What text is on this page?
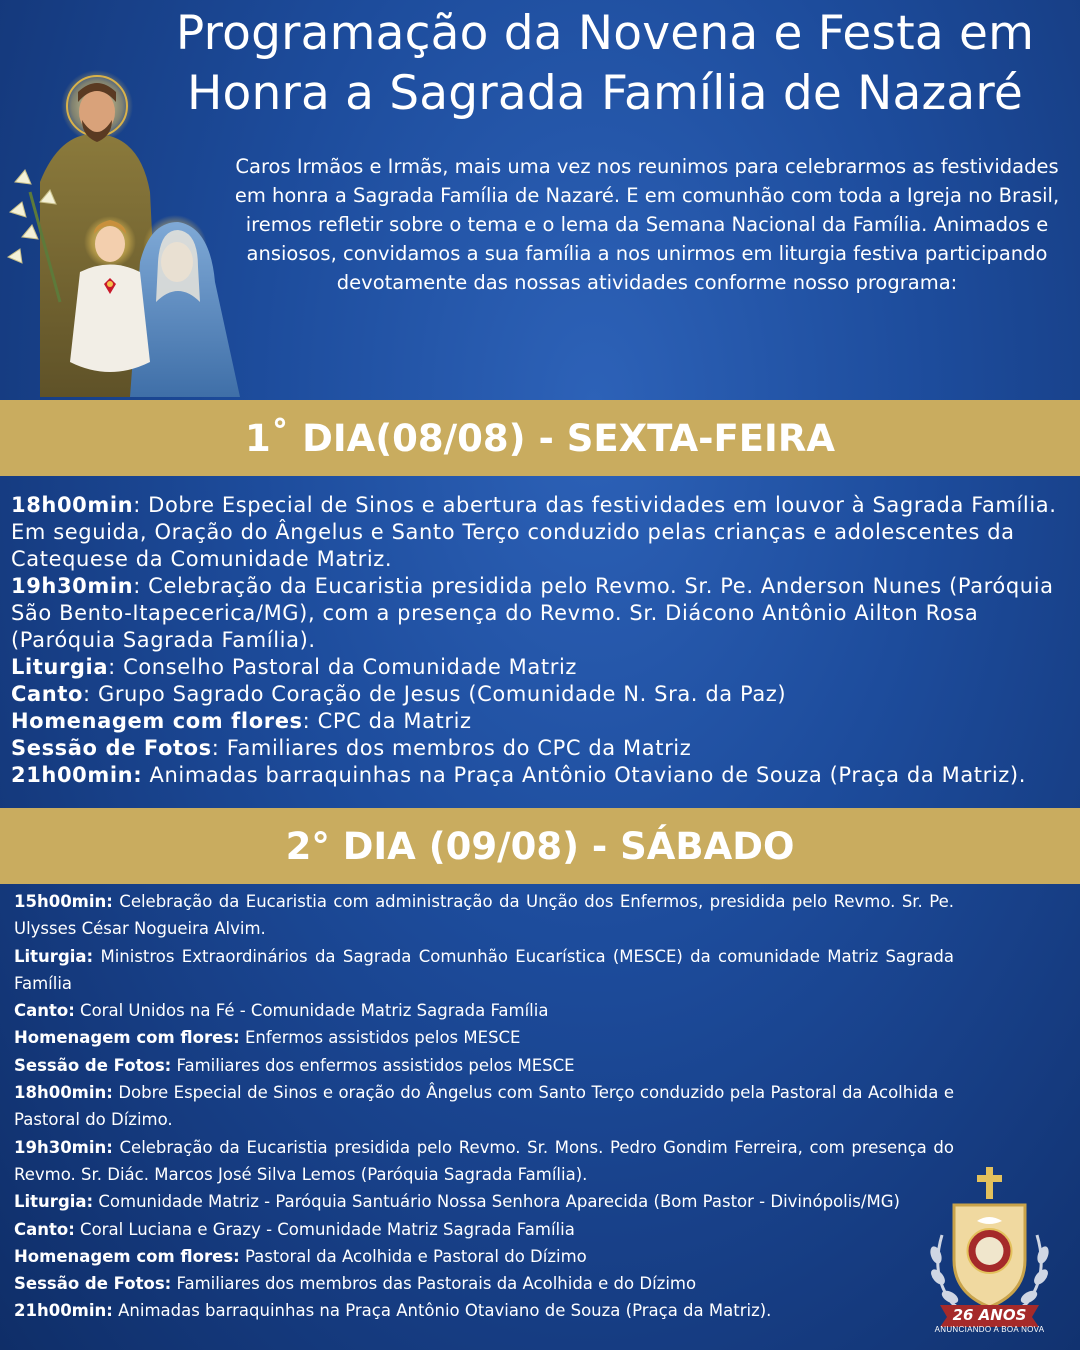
Programação da Novena e Festa em
Honra a Sagrada Família de Nazaré

Caros Irmãos e Irmãs, mais uma vez nos reunimos para celebrarmos as festividades em honra a Sagrada Família de Nazaré. E em comunhão com toda a Igreja no Brasil, iremos refletir sobre o tema e o lema da Semana Nacional da Família. Animados e ansiosos, convidamos a sua família a nos unirmos em liturgia festiva participando devotamente das nossas atividades conforme nosso programa:

1˚ DIA(08/08) - SEXTA-FEIRA

18h00min: Dobre Especial de Sinos e abertura das festividades em louvor à Sagrada Família. Em seguida, Oração do Ângelus e Santo Terço conduzido pelas crianças e adolescentes da Catequese da Comunidade Matriz.

19h30min: Celebração da Eucaristia presidida pelo Revmo. Sr. Pe. Anderson Nunes (Paróquia São Bento-Itapecerica/MG), com a presença do Revmo. Sr. Diácono Antônio Ailton Rosa (Paróquia Sagrada Família).

Liturgia: Conselho Pastoral da Comunidade Matriz

Canto: Grupo Sagrado Coração de Jesus (Comunidade N. Sra. da Paz)

Homenagem com flores: CPC da Matriz

Sessão de Fotos: Familiares dos membros do CPC da Matriz

21h00min: Animadas barraquinhas na Praça Antônio Otaviano de Souza (Praça da Matriz).

2° DIA (09/08) - SÁBADO

15h00min: Celebração da Eucaristia com administração da Unção dos Enfermos, presidida pelo Revmo. Sr. Pe. Ulysses César Nogueira Alvim.

Liturgia: Ministros Extraordinários da Sagrada Comunhão Eucarística (MESCE) da comunidade Matriz Sagrada Família

Canto: Coral Unidos na Fé - Comunidade Matriz Sagrada Família

Homenagem com flores: Enfermos assistidos pelos MESCE

Sessão de Fotos: Familiares dos enfermos assistidos pelos MESCE

18h00min: Dobre Especial de Sinos e oração do Ângelus com Santo Terço conduzido pela Pastoral da Acolhida e Pastoral do Dízimo.

19h30min: Celebração da Eucaristia presidida pelo Revmo. Sr. Mons. Pedro Gondim Ferreira, com presença do Revmo. Sr. Diác. Marcos José Silva Lemos (Paróquia Sagrada Família).

Liturgia: Comunidade Matriz - Paróquia Santuário Nossa Senhora Aparecida (Bom Pastor - Divinópolis/MG)

Canto: Coral Luciana e Grazy - Comunidade Matriz Sagrada Família

Homenagem com flores: Pastoral da Acolhida e Pastoral do Dízimo

Sessão de Fotos: Familiares dos membros das Pastorais da Acolhida e do Dízimo

21h00min: Animadas barraquinhas na Praça Antônio Otaviano de Souza (Praça da Matriz).	26 ANOS
ANUNCIANDO A BOA NOVA
